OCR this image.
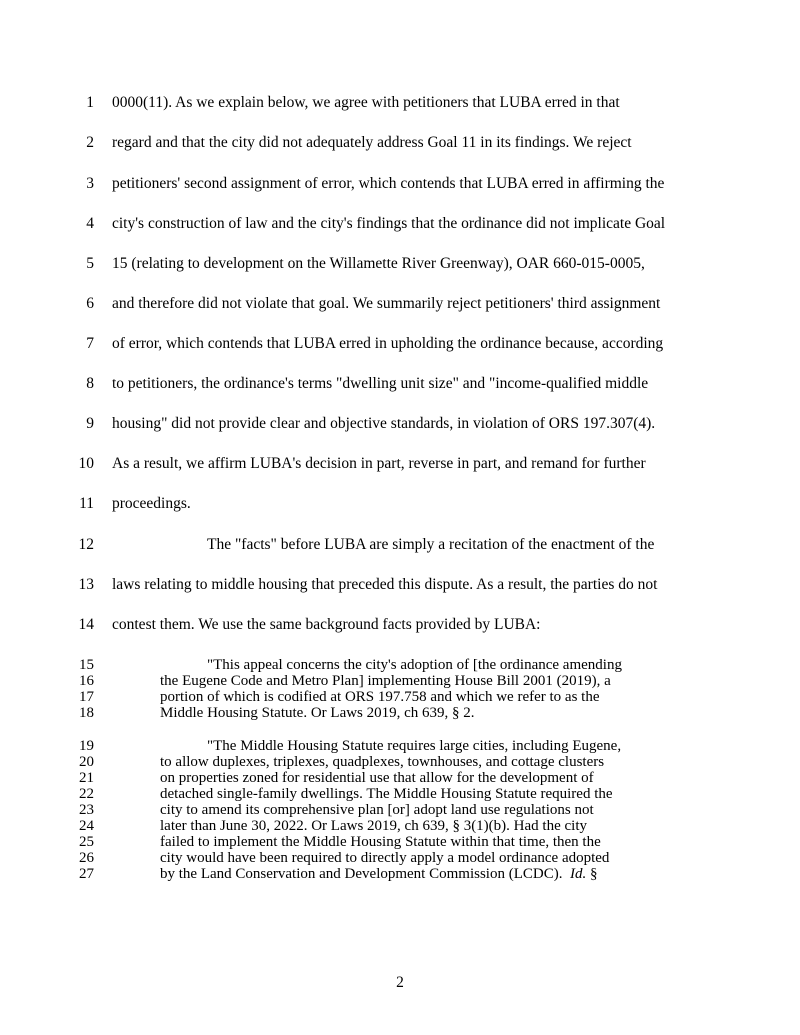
1 0000(11). As we explain below, we agree with petitioners that LUBA erred in that
2 regard and that the city did not adequately address Goal 11 in its findings. We reject
3 petitioners' second assignment of error, which contends that LUBA erred in affirming the
4 city's construction of law and the city's findings that the ordinance did not implicate Goal
5 15 (relating to development on the Willamette River Greenway), OAR 660-015-0005,
6 and therefore did not violate that goal. We summarily reject petitioners' third assignment
7 of error, which contends that LUBA erred in upholding the ordinance because, according
8 to petitioners, the ordinance's terms "dwelling unit size" and "income-qualified middle
9 housing" did not provide clear and objective standards, in violation of ORS 197.307(4).
10 As a result, we affirm LUBA's decision in part, reverse in part, and remand for further
11 proceedings.
12	The "facts" before LUBA are simply a recitation of the enactment of the
13 laws relating to middle housing that preceded this dispute. As a result, the parties do not
14 contest them. We use the same background facts provided by LUBA:
15	"This appeal concerns the city's adoption of [the ordinance amending
16	the Eugene Code and Metro Plan] implementing House Bill 2001 (2019), a
17	portion of which is codified at ORS 197.758 and which we refer to as the
18	Middle Housing Statute. Or Laws 2019, ch 639, § 2.
19	"The Middle Housing Statute requires large cities, including Eugene,
20	to allow duplexes, triplexes, quadplexes, townhouses, and cottage clusters
21	on properties zoned for residential use that allow for the development of
22	detached single-family dwellings. The Middle Housing Statute required the
23	city to amend its comprehensive plan [or] adopt land use regulations not
24	later than June 30, 2022. Or Laws 2019, ch 639, § 3(1)(b). Had the city
25	failed to implement the Middle Housing Statute within that time, then the
26	city would have been required to directly apply a model ordinance adopted
27	by the Land Conservation and Development Commission (LCDC).  Id. §
2
